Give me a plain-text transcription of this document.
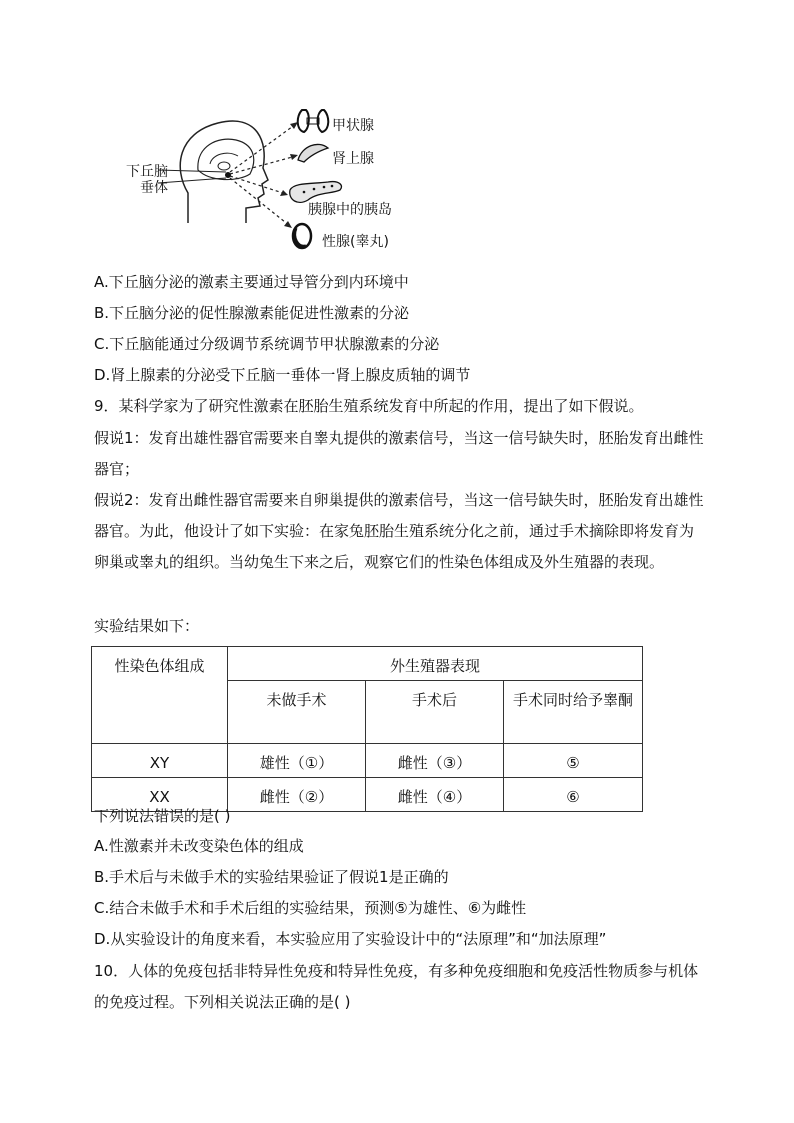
下丘脑
垂体
甲状腺
肾上腺
胰腺中的胰岛
性腺(睾丸)
A.下丘脑分泌的激素主要通过导管分到内环境中
B.下丘脑分泌的促性腺激素能促进性激素的分泌
C.下丘脑能通过分级调节系统调节甲状腺激素的分泌
D.肾上腺素的分泌受下丘脑一垂体一肾上腺皮质轴的调节
9．某科学家为了研究性激素在胚胎生殖系统发育中所起的作用，提出了如下假说。
假说1：发育出雄性器官需要来自睾丸提供的激素信号，当这一信号缺失时，胚胎发育出雌性器官；
假说2：发育出雌性器官需要来自卵巢提供的激素信号，当这一信号缺失时，胚胎发育出雄性器官。为此，他设计了如下实验：在家兔胚胎生殖系统分化之前，通过手术摘除即将发育为卵巢或睾丸的组织。当幼兔生下来之后，观察它们的性染色体组成及外生殖器的表现。
实验结果如下：
性染色体组成	外生殖器表现		
	未做手术	手术后	手术同时给予睾酮
XY	雄性（①）	雌性（③）	⑤
XX	雌性（②）	雌性（④）	⑥
下列说法错误的是( )
A.性激素并未改变染色体的组成
B.手术后与未做手术的实验结果验证了假说1是正确的
C.结合未做手术和手术后组的实验结果，预测⑤为雄性、⑥为雌性
D.从实验设计的角度来看，本实验应用了实验设计中的“法原理”和“加法原理”
10．人体的免疫包括非特异性免疫和特异性免疫，有多种免疫细胞和免疫活性物质参与机体的免疫过程。下列相关说法正确的是( )
